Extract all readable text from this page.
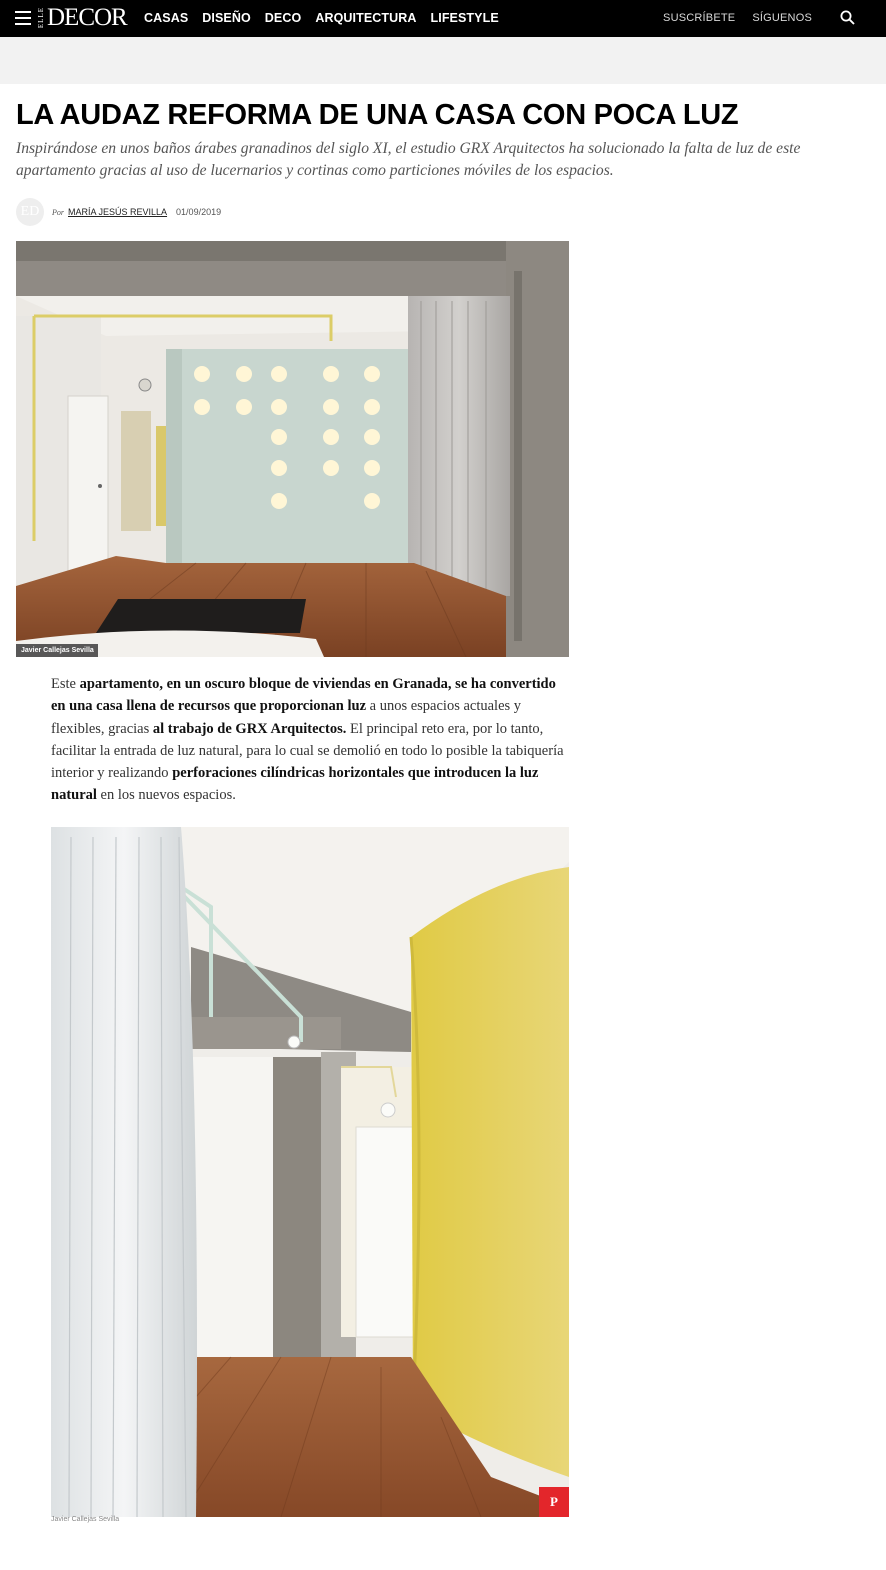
ELLE DECOR CASAS DISEÑO DECO ARQUITECTURA LIFESTYLE	SUSCRÍBETE SÍGUENOS
LA AUDAZ REFORMA DE UNA CASA CON POCA LUZ

Inspirándose en unos baños árabes granadinos del siglo XI, el estudio GRX Arquitectos ha solucionado la falta de luz de este apartamento gracias al uso de lucernarios y cortinas como particiones móviles de los espacios.

ED	Por MARÍA JESÚS REVILLA 01/09/2019
Javier Callejas Sevilla

Este apartamento, en un oscuro bloque de viviendas en Granada, se ha convertido en una casa llena de recursos que proporcionan luz a unos espacios actuales y flexibles, gracias al trabajo de GRX Arquitectos. El principal reto era, por lo tanto, facilitar la entrada de luz natural, para lo cual se demolió en todo lo posible la tabiquería interior y realizando perforaciones cilíndricas horizontales que introducen la luz natural en los nuevos espacios.

P
Javier Callejas Sevilla
